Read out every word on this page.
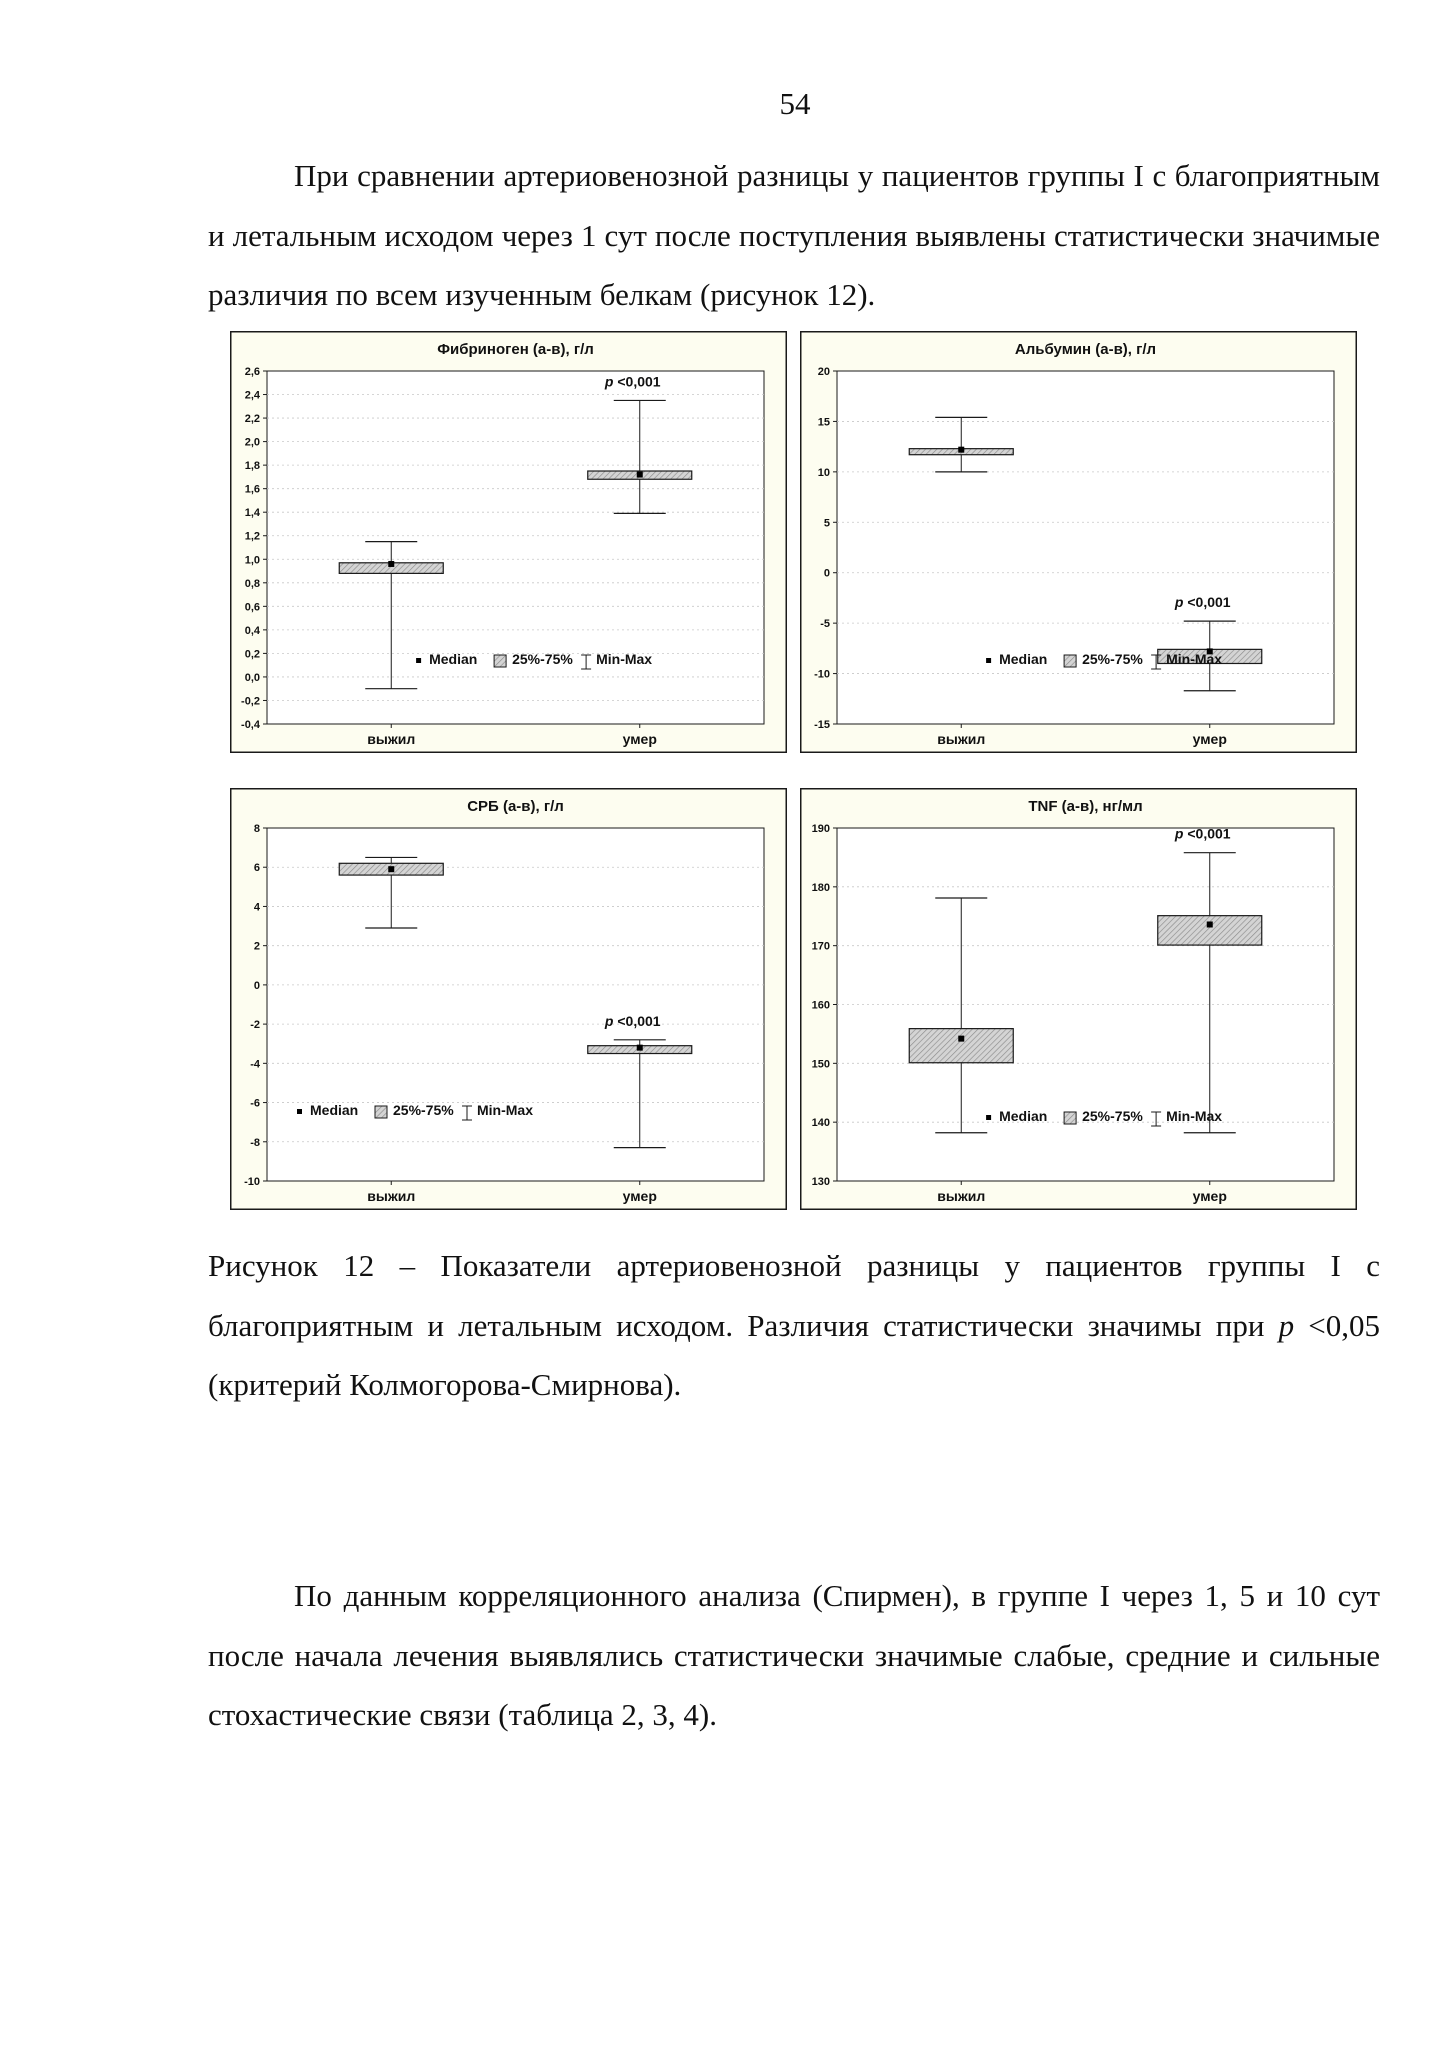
54

При сравнении артериовенозной разницы у пациентов группы I с благоприятным и летальным исходом через 1 сут после поступления выявлены статистически значимые различия по всем изученным белкам (рисунок 12).

Фибриноген (а-в), г/л
-0,4
-0,2
0,0
0,2
0,4
0,6
0,8
1,0
1,2
1,4
1,6
1,8
2,0
2,2
2,4
2,6
выжил	умер
p <0,001
Median 25%-75% Min-Max
Альбумин (а-в), г/л
-15
-10
-5
0
5
10
15
20
выжил	умер
p <0,001
Median 25%-75% Min-Max
СРБ (а-в), г/л
-10
-8
-6
-4
-2
0
2
4
6
8
выжил	умер
p <0,001
Median 25%-75% Min-Max
TNF (а-в), нг/мл
130
140
150
160
170
180
190
выжил	умер
p <0,001
Median 25%-75% Min-Max

Рисунок 12 – Показатели артериовенозной разницы у пациентов группы I с благоприятным и летальным исходом. Различия статистически значимы при p <0,05 (критерий Колмогорова-Смирнова).

По данным корреляционного анализа (Спирмен), в группе I через 1, 5 и 10 сут после начала лечения выявлялись статистически значимые слабые, средние и сильные стохастические связи (таблица 2, 3, 4).
